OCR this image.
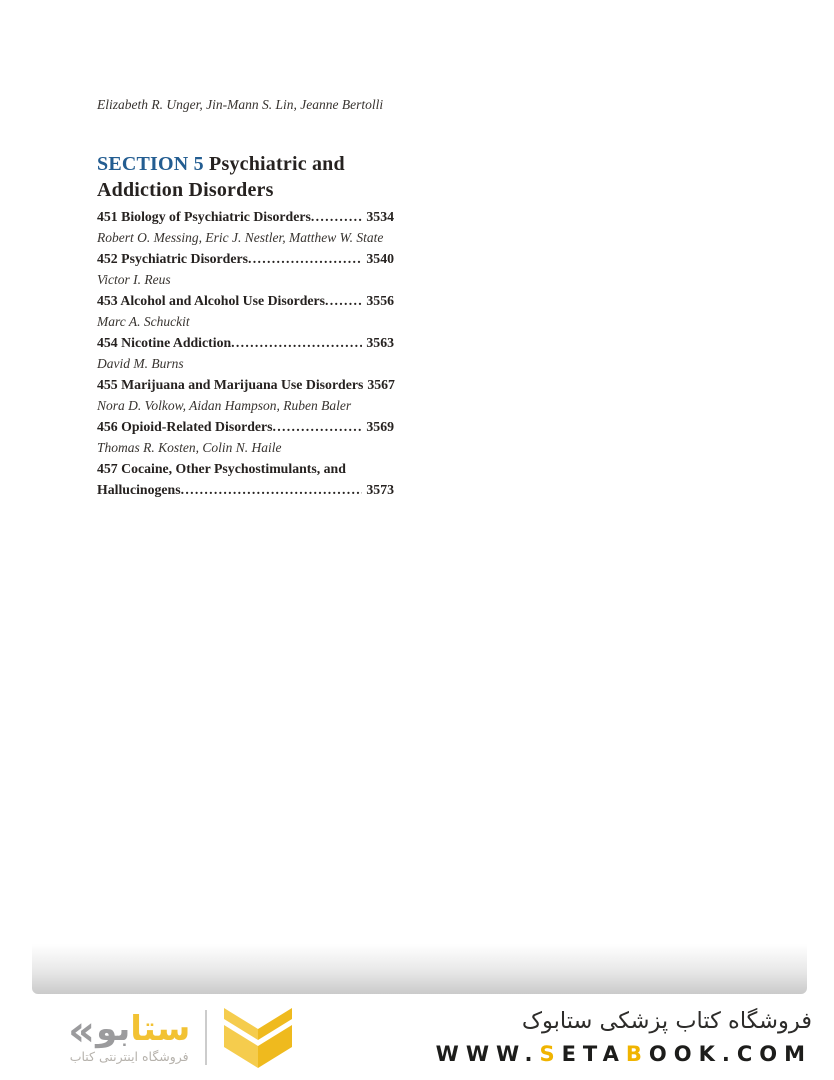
Elizabeth R. Unger, Jin-Mann S. Lin, Jeanne Bertolli
SECTION 5 Psychiatric and Addiction Disorders
451 Biology of Psychiatric Disorders .....	3534
Robert O. Messing, Eric J. Nestler, Matthew W. State
452 Psychiatric Disorders .....	3540
Victor I. Reus
453 Alcohol and Alcohol Use Disorders .....	3556
Marc A. Schuckit
454 Nicotine Addiction .....	3563
David M. Burns
455 Marijuana and Marijuana Use Disorders 3567
Nora D. Volkow, Aidan Hampson, Ruben Baler
456 Opioid-Related Disorders .....	3569
Thomas R. Kosten, Colin N. Haile
457 Cocaine, Other Psychostimulants, and
Hallucinogens .....	3573
« بو ستا
فروشگاه اینترنتی کتاب
فروشگاه کتاب پزشکی ستابوک
WWW.SETABOOK.COM
